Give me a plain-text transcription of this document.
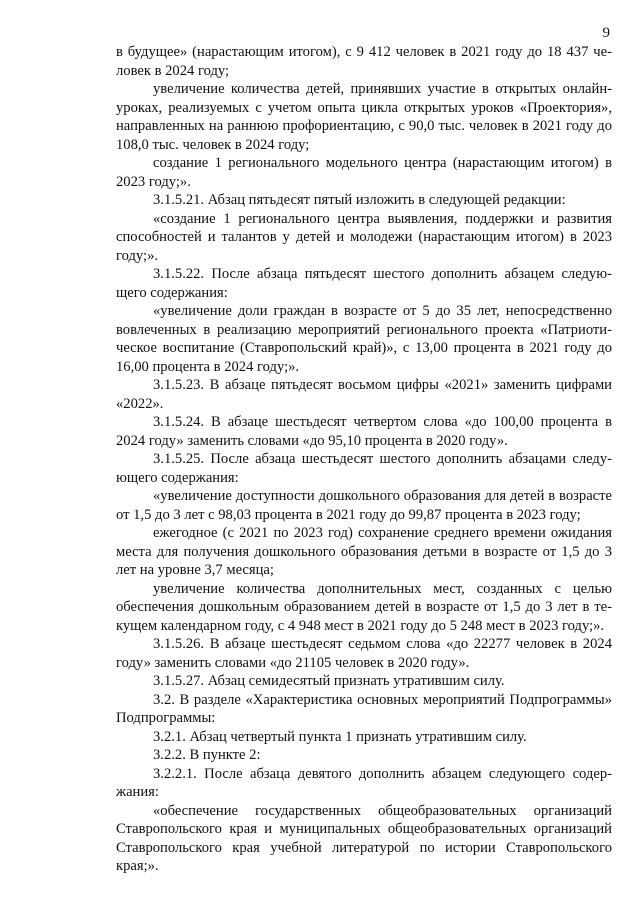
9

в будущее» (нарастающим итогом), с 9 412 человек в 2021 году до 18 437 человек в 2024 году;

увеличение количества детей, принявших участие в открытых онлайн-уроках, реализуемых с учетом опыта цикла открытых уроков «Проектория», направленных на раннюю профориентацию, с 90,0 тыс. человек в 2021 году до 108,0 тыс. человек в 2024 году;

создание 1 регионального модельного центра (нарастающим итогом) в 2023 году;».

3.1.5.21. Абзац пятьдесят пятый изложить в следующей редакции:

«создание 1 регионального центра выявления, поддержки и развития способностей и талантов у детей и молодежи (нарастающим итогом) в 2023 году;».

3.1.5.22. После абзаца пятьдесят шестого дополнить абзацем следующего содержания:

«увеличение доли граждан в возрасте от 5 до 35 лет, непосредственно вовлеченных в реализацию мероприятий регионального проекта «Патриотическое воспитание (Ставропольский край)», с 13,00 процента в 2021 году до 16,00 процента в 2024 году;».

3.1.5.23. В абзаце пятьдесят восьмом цифры «2021» заменить цифрами «2022».

3.1.5.24. В абзаце шестьдесят четвертом слова «до 100,00 процента в 2024 году» заменить словами «до 95,10 процента в 2020 году».

3.1.5.25. После абзаца шестьдесят шестого дополнить абзацами следующего содержания:

«увеличение доступности дошкольного образования для детей в возрасте от 1,5 до 3 лет с 98,03 процента в 2021 году до 99,87 процента в 2023 году;

ежегодное (с 2021 по 2023 год) сохранение среднего времени ожидания места для получения дошкольного образования детьми в возрасте от 1,5 до 3 лет на уровне 3,7 месяца;

увеличение количества дополнительных мест, созданных с целью обеспечения дошкольным образованием детей в возрасте от 1,5 до 3 лет в текущем календарном году, с 4 948 мест в 2021 году до 5 248 мест в 2023 году;».

3.1.5.26. В абзаце шестьдесят седьмом слова «до 22277 человек в 2024 году» заменить словами «до 21105 человек в 2020 году».

3.1.5.27. Абзац семидесятый признать утратившим силу.

3.2. В разделе «Характеристика основных мероприятий Подпрограммы» Подпрограммы:

3.2.1. Абзац четвертый пункта 1 признать утратившим силу.

3.2.2. В пункте 2:

3.2.2.1. После абзаца девятого дополнить абзацем следующего содержания:

«обеспечение государственных общеобразовательных организаций Ставропольского края и муниципальных общеобразовательных организаций Ставропольского края учебной литературой по истории Ставропольского края;».
